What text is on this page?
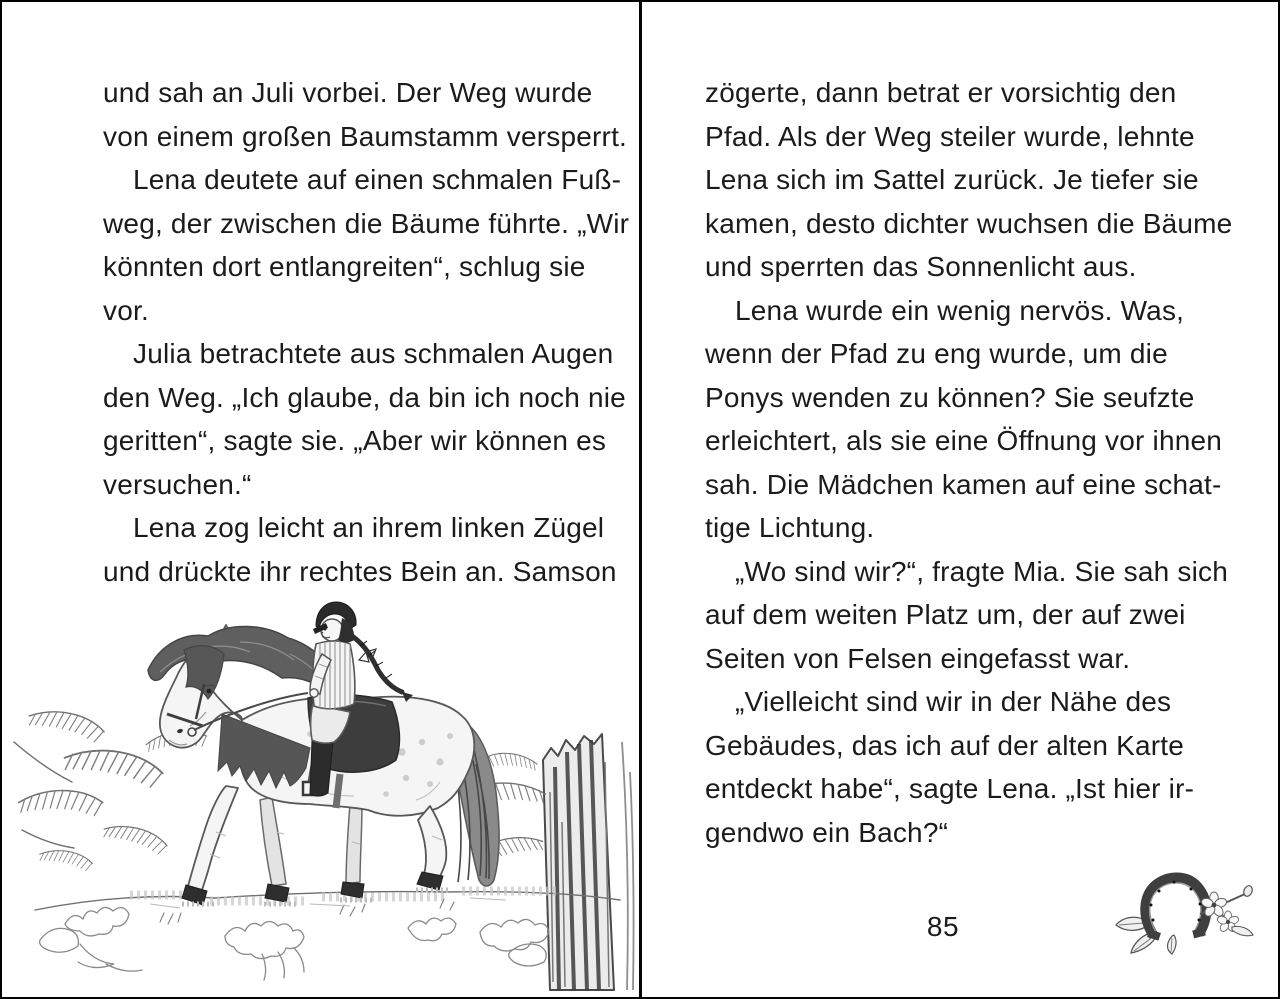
und sah an Juli vorbei. Der Weg wurde
von einem großen Baumstamm versperrt.
Lena deutete auf einen schmalen Fuß-
weg, der zwischen die Bäume führte. „Wir
könnten dort entlangreiten“, schlug sie
vor.
Julia betrachtete aus schmalen Augen
den Weg. „Ich glaube, da bin ich noch nie
geritten“, sagte sie. „Aber wir können es
versuchen.“
Lena zog leicht an ihrem linken Zügel
und drückte ihr rechtes Bein an. Samson
zögerte, dann betrat er vorsichtig den
Pfad. Als der Weg steiler wurde, lehnte
Lena sich im Sattel zurück. Je tiefer sie
kamen, desto dichter wuchsen die Bäume
und sperrten das Sonnenlicht aus.
Lena wurde ein wenig nervös. Was,
wenn der Pfad zu eng wurde, um die
Ponys wenden zu können? Sie seufzte
erleichtert, als sie eine Öffnung vor ihnen
sah. Die Mädchen kamen auf eine schat-
tige Lichtung.
„Wo sind wir?“, fragte Mia. Sie sah sich
auf dem weiten Platz um, der auf zwei
Seiten von Felsen eingefasst war.
„Vielleicht sind wir in der Nähe des
Gebäudes, das ich auf der alten Karte
entdeckt habe“, sagte Lena. „Ist hier ir-
gendwo ein Bach?“
85
